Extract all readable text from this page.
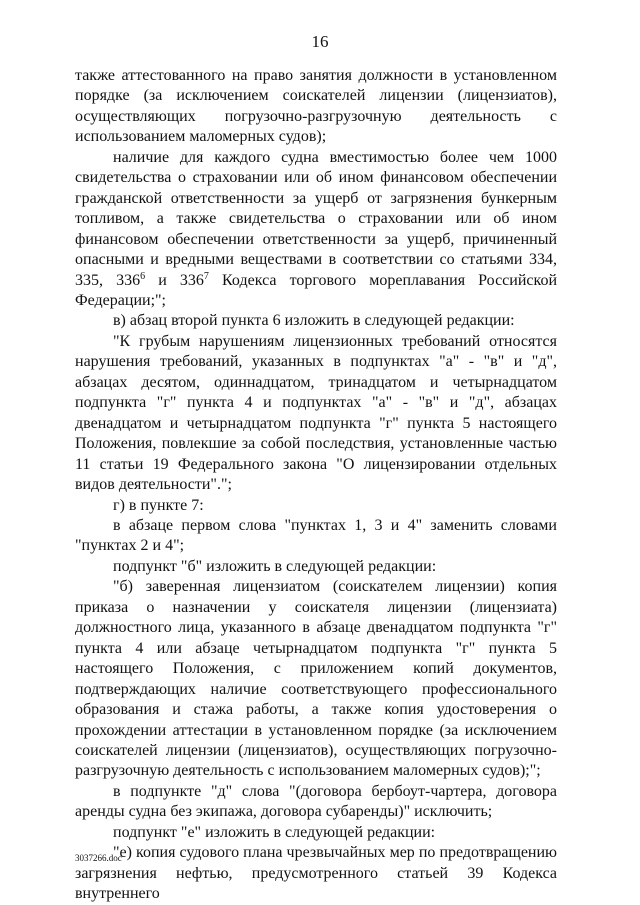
16

также аттестованного на право занятия должности в установленном порядке (за исключением соискателей лицензии (лицензиатов), осуществляющих погрузочно-разгрузочную деятельность с использованием маломерных судов);

наличие для каждого судна вместимостью более чем 1000 свидетельства о страховании или об ином финансовом обеспечении гражданской ответственности за ущерб от загрязнения бункерным топливом, а также свидетельства о страховании или об ином финансовом обеспечении ответственности за ущерб, причиненный опасными и вредными веществами в соответствии со статьями 334, 335, $336^6$ и $336^7$ Кодекса торгового мореплавания Российской Федерации;";

в) абзац второй пункта 6 изложить в следующей редакции:

"К грубым нарушениям лицензионных требований относятся нарушения требований, указанных в подпунктах "а" - "в" и "д", абзацах десятом, одиннадцатом, тринадцатом и четырнадцатом подпункта "г" пункта 4 и подпунктах "а" - "в" и "д", абзацах двенадцатом и четырнадцатом подпункта "г" пункта 5 настоящего Положения, повлекшие за собой последствия, установленные частью 11 статьи 19 Федерального закона "О лицензировании отдельных видов деятельности".";

г) в пункте 7:

в абзаце первом слова "пунктах 1, 3 и 4" заменить словами "пунктах 2 и 4";

подпункт "б" изложить в следующей редакции:

"б) заверенная лицензиатом (соискателем лицензии) копия приказа о назначении у соискателя лицензии (лицензиата) должностного лица, указанного в абзаце двенадцатом подпункта "г" пункта 4 или абзаце четырнадцатом подпункта "г" пункта 5 настоящего Положения, с приложением копий документов, подтверждающих наличие соответствующего профессионального образования и стажа работы, а также копия удостоверения о прохождении аттестации в установленном порядке (за исключением соискателей лицензии (лицензиатов), осуществляющих погрузочно-разгрузочную деятельность с использованием маломерных судов);";

в подпункте "д" слова "(договора бербоут-чартера, договора аренды судна без экипажа, договора субаренды)" исключить;

подпункт "е" изложить в следующей редакции:

"е) копия судового плана чрезвычайных мер по предотвращению загрязнения нефтью, предусмотренного статьей 39 Кодекса внутреннего

3037266.doc
